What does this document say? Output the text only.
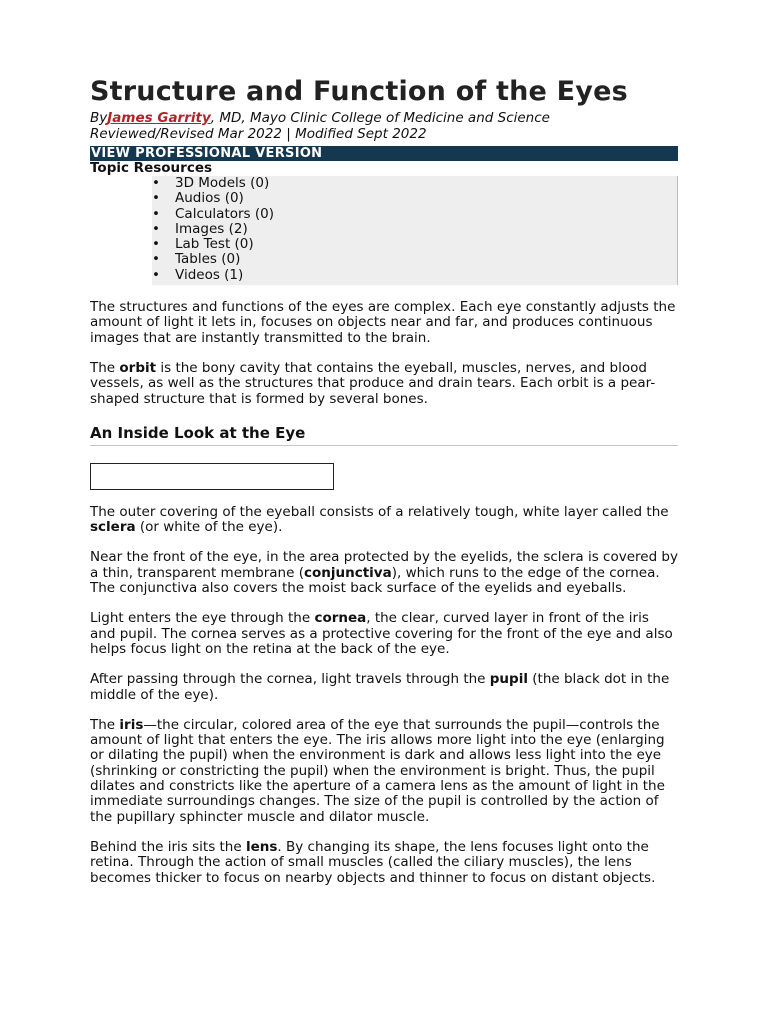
Structure and Function of the Eyes

ByJames Garrity, MD, Mayo Clinic College of Medicine and Science

Reviewed/Revised Mar 2022 | Modified Sept 2022

VIEW PROFESSIONAL VERSION

Topic Resources

• 3D Models (0)
• Audios (0)
• Calculators (0)
• Images (2)
• Lab Test (0)
• Tables (0)
• Videos (1)

The structures and functions of the eyes are complex. Each eye constantly adjusts the amount of light it lets in, focuses on objects near and far, and produces continuous images that are instantly transmitted to the brain.

The orbit is the bony cavity that contains the eyeball, muscles, nerves, and blood vessels, as well as the structures that produce and drain tears. Each orbit is a pear-shaped structure that is formed by several bones.

An Inside Look at the Eye

The outer covering of the eyeball consists of a relatively tough, white layer called the sclera (or white of the eye).

Near the front of the eye, in the area protected by the eyelids, the sclera is covered by a thin, transparent membrane (conjunctiva), which runs to the edge of the cornea. The conjunctiva also covers the moist back surface of the eyelids and eyeballs.

Light enters the eye through the cornea, the clear, curved layer in front of the iris and pupil. The cornea serves as a protective covering for the front of the eye and also helps focus light on the retina at the back of the eye.

After passing through the cornea, light travels through the pupil (the black dot in the middle of the eye).

The iris—the circular, colored area of the eye that surrounds the pupil—controls the amount of light that enters the eye. The iris allows more light into the eye (enlarging or dilating the pupil) when the environment is dark and allows less light into the eye (shrinking or constricting the pupil) when the environment is bright. Thus, the pupil dilates and constricts like the aperture of a camera lens as the amount of light in the immediate surroundings changes. The size of the pupil is controlled by the action of the pupillary sphincter muscle and dilator muscle.

Behind the iris sits the lens. By changing its shape, the lens focuses light onto the retina. Through the action of small muscles (called the ciliary muscles), the lens becomes thicker to focus on nearby objects and thinner to focus on distant objects.
